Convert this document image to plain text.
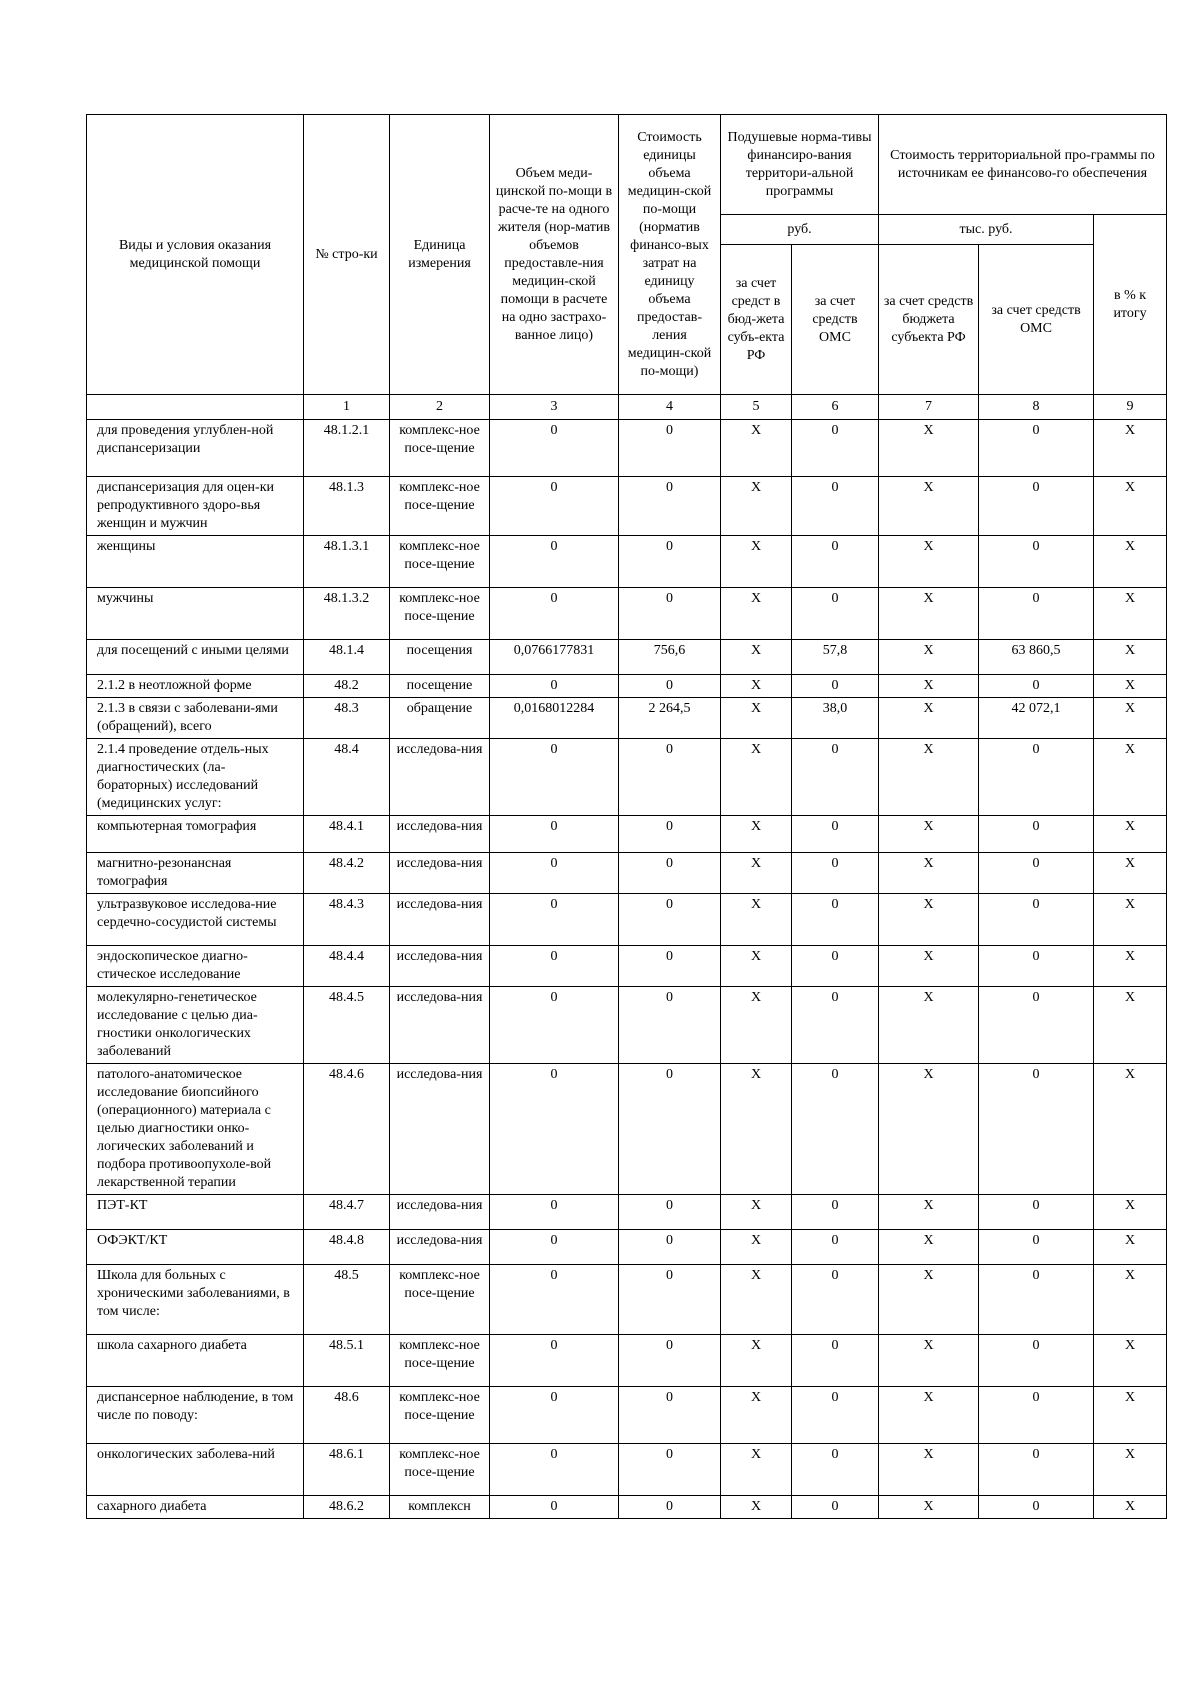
Виды и условия оказания медицинской помощи	№ стро-ки	Единица измерения	Объем меди-цинской по-мощи в расче-те на одного жителя (нор-матив объемов предоставле-ния медицин-ской помощи в расчете на одно застрахо-ванное лицо)	Стоимость единицы объема медицин-ской по-мощи (норматив финансо-вых затрат на единицу объема предостав-ления медицин-ской по-мощи)	Подушевые норма-тивы финансиро-вания территори-альной программы		Стоимость территориальной про-граммы по источникам ее финансово-го обеспечения		
					руб.		тыс. руб.		в % к итогу
					за счет средст в бюд-жета субъ-екта РФ	за счет средств ОМС	за счет средств бюджета субъекта РФ	за счет средств ОМС	
	1	2	3	4	5	6	7	8	9
для проведения углублен-ной диспансеризации	48.1.2.1	комплекс-ное посе-щение	0	0	X	0	X	0	X
диспансеризация для оцен-ки репродуктивного здоро-вья женщин и мужчин	48.1.3	комплекс-ное посе-щение	0	0	X	0	X	0	X
женщины	48.1.3.1	комплекс-ное посе-щение	0	0	X	0	X	0	X
мужчины	48.1.3.2	комплекс-ное посе-щение	0	0	X	0	X	0	X
для посещений с иными целями	48.1.4	посещения	0,0766177831	756,6	X	57,8	X	63 860,5	X
2.1.2 в неотложной форме	48.2	посещение	0	0	X	0	X	0	X
2.1.3 в связи с заболевани-ями (обращений), всего	48.3	обращение	0,0168012284	2 264,5	X	38,0	X	42 072,1	X
2.1.4 проведение отдель-ных диагностических (ла-бораторных) исследований (медицинских услуг:	48.4	исследова-ния	0	0	X	0	X	0	X
компьютерная томография	48.4.1	исследова-ния	0	0	X	0	X	0	X
магнитно-резонансная томография	48.4.2	исследова-ния	0	0	X	0	X	0	X
ультразвуковое исследова-ние сердечно-сосудистой системы	48.4.3	исследова-ния	0	0	X	0	X	0	X
эндоскопическое диагно-стическое исследование	48.4.4	исследова-ния	0	0	X	0	X	0	X
молекулярно-генетическое исследование с целью диа-гностики онкологических заболеваний	48.4.5	исследова-ния	0	0	X	0	X	0	X
патолого-анатомическое исследование биопсийного (операционного) материала с целью диагностики онко-логических заболеваний и подбора противоопухоле-вой лекарственной терапии	48.4.6	исследова-ния	0	0	X	0	X	0	X
ПЭТ-КТ	48.4.7	исследова-ния	0	0	X	0	X	0	X
ОФЭКТ/КТ	48.4.8	исследова-ния	0	0	X	0	X	0	X
Школа для больных с хроническими заболеваниями, в том числе:	48.5	комплекс-ное посе-щение	0	0	X	0	X	0	X
школа сахарного диабета	48.5.1	комплекс-ное посе-щение	0	0	X	0	X	0	X
диспансерное наблюдение, в том числе по поводу:	48.6	комплекс-ное посе-щение	0	0	X	0	X	0	X
онкологических заболева-ний	48.6.1	комплекс-ное посе-щение	0	0	X	0	X	0	X
сахарного диабета	48.6.2	комплексн	0	0	X	0	X	0	X
